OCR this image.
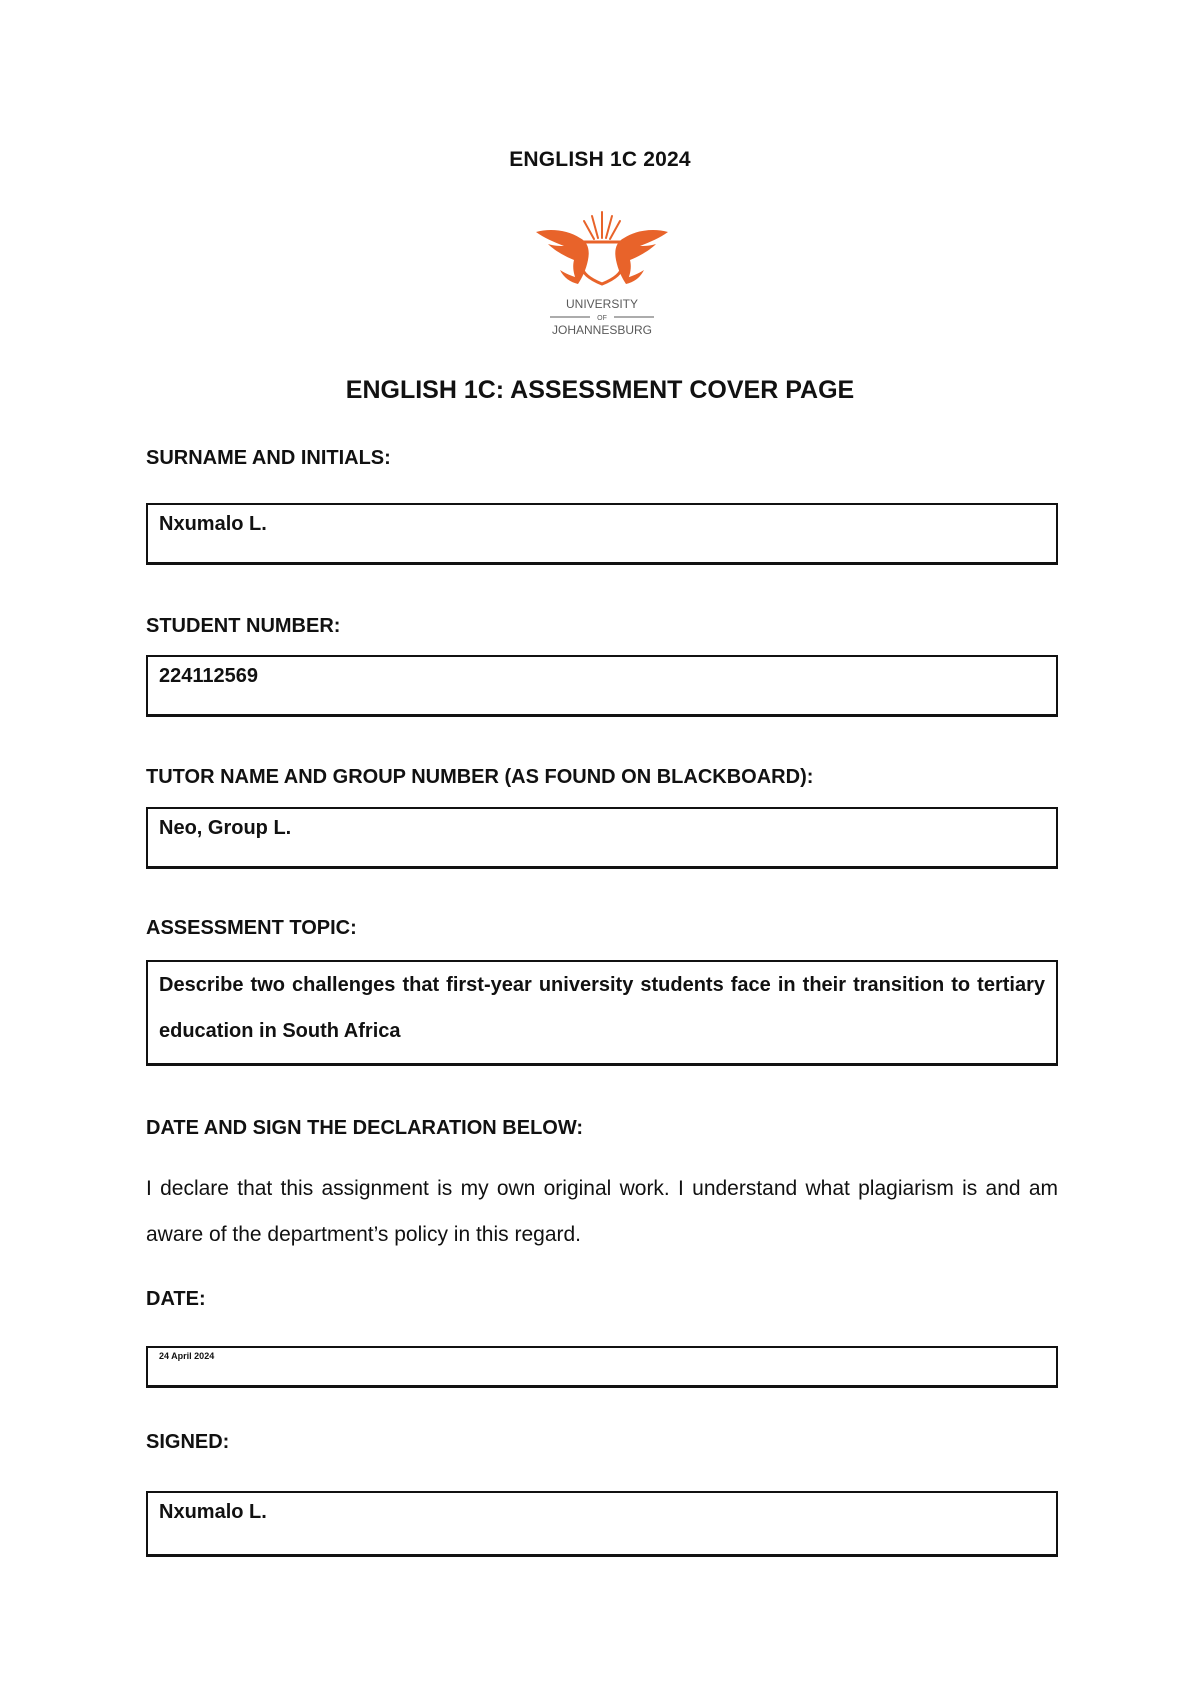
ENGLISH 1C 2024
UNIVERSITY
OF
JOHANNESBURG
ENGLISH 1C: ASSESSMENT COVER PAGE
SURNAME AND INITIALS:
Nxumalo L.
STUDENT NUMBER:
224112569
TUTOR NAME AND GROUP NUMBER (AS FOUND ON BLACKBOARD):
Neo, Group L.
ASSESSMENT TOPIC:
Describe two challenges that first-year university students face in their transition to tertiary education in South Africa
DATE AND SIGN THE DECLARATION BELOW:
I declare that this assignment is my own original work. I understand what plagiarism is and am aware of the department’s policy in this regard.
DATE:
24 April 2024
SIGNED:
Nxumalo L.
